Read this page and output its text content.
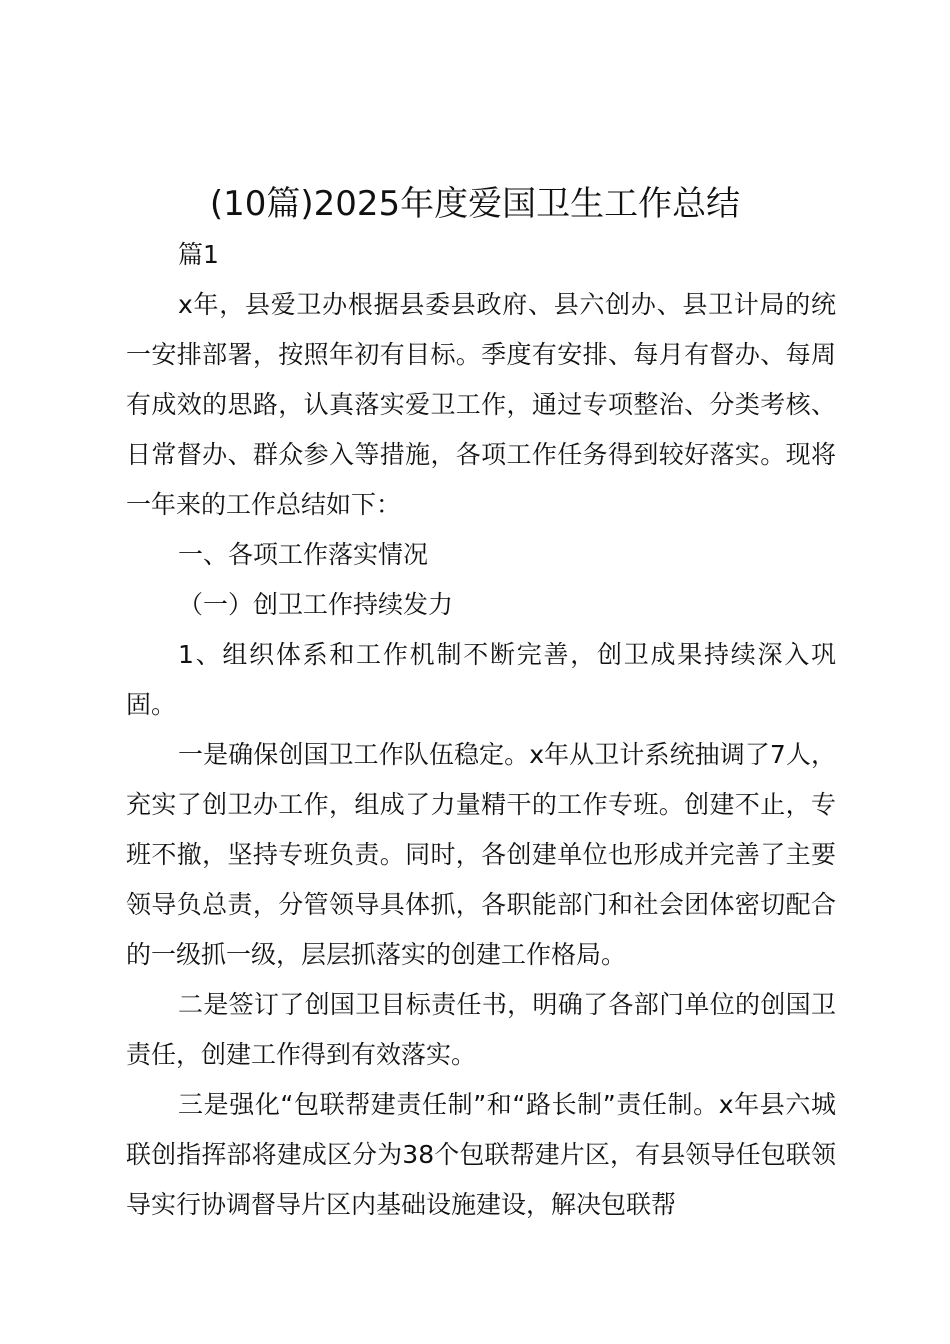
(10篇)2025年度爱国卫生工作总结

篇1

x年，县爱卫办根据县委县政府、县六创办、县卫计局的统一安排部署，按照年初有目标。季度有安排、每月有督办、每周有成效的思路，认真落实爱卫工作，通过专项整治、分类考核、日常督办、群众参入等措施，各项工作任务得到较好落实。现将一年来的工作总结如下：

一、各项工作落实情况

（一）创卫工作持续发力

1、组织体系和工作机制不断完善，创卫成果持续深入巩固。

一是确保创国卫工作队伍稳定。x年从卫计系统抽调了7人，充实了创卫办工作，组成了力量精干的工作专班。创建不止，专班不撤，坚持专班负责。同时，各创建单位也形成并完善了主要领导负总责，分管领导具体抓，各职能部门和社会团体密切配合的一级抓一级，层层抓落实的创建工作格局。

二是签订了创国卫目标责任书，明确了各部门单位的创国卫责任，创建工作得到有效落实。

三是强化“包联帮建责任制”和“路长制”责任制。x年县六城联创指挥部将建成区分为38个包联帮建片区，有县领导任包联领导实行协调督导片区内基础设施建设，解决包联帮
